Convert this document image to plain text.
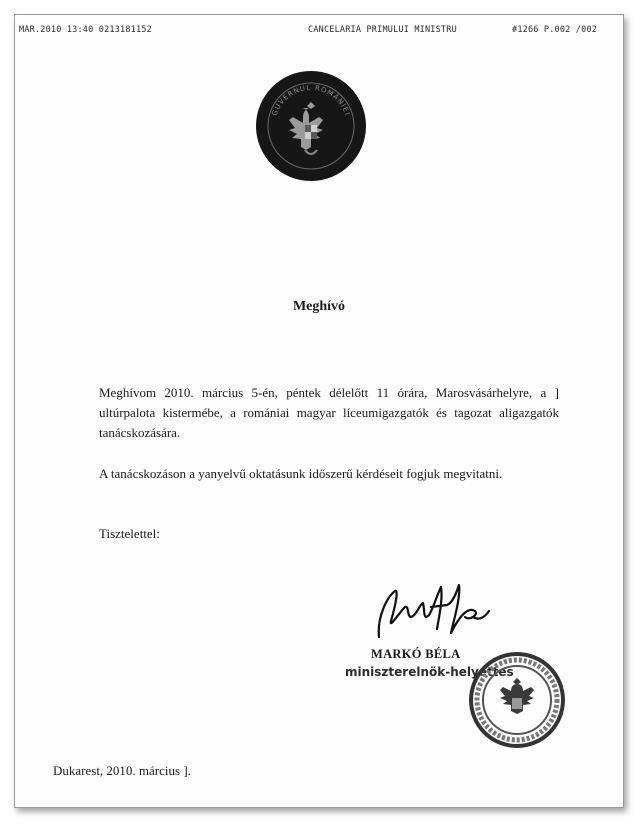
MAR.2010 13:40 0213181152	CANCELARIA PRIMULUI MINISTRU	#1266 P.002 /002
GUVERNUL ROMÂNIEI
Meghívó

Meghívom 2010. március 5-én, péntek délelőtt 11 órára, Marosvásárhelyre, a ] ultúrpalota kistermébe, a romániai magyar líceumigazgatók és tagozat aligazgatók tanácskozására.

A tanácskozáson a yanyelvű oktatásunk időszerű kérdéseit fogjuk megvitatni.

Tisztelettel:
MARKÓ BÉLA
miniszterelnök-helyettes
Dukarest, 2010. március ].
